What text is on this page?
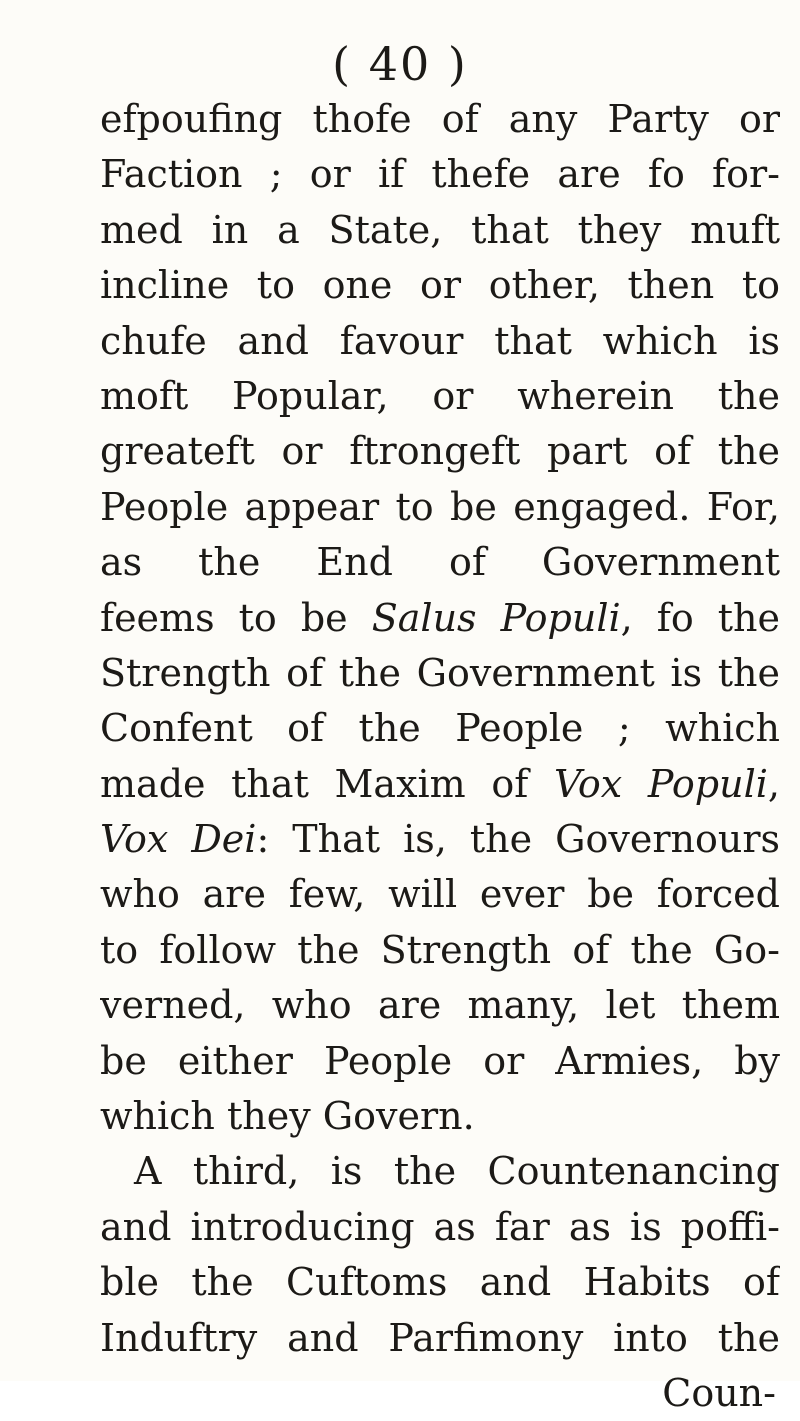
( 40 )
efpoufing thofe of any Party or
Faction ; or if thefe are fo for-
med in a State, that they muft
incline to one or other, then to
chufe and favour that which is
moft Popular, or wherein the
greateft or ftrongeft part of the
People appear to be engaged. For,
as the End of Government
feems to be Salus Populi, fo the
Strength of the Government is the
Confent of the People ; which
made that Maxim of Vox Populi,
Vox Dei: That is, the Governours
who are few, will ever be forced
to follow the Strength of the Go-
verned, who are many, let them
be either People or Armies, by
which they Govern.
A third, is the Countenancing
and introducing as far as is poffi-
ble the Cuftoms and Habits of
Induftry and Parfimony into the
Coun-
